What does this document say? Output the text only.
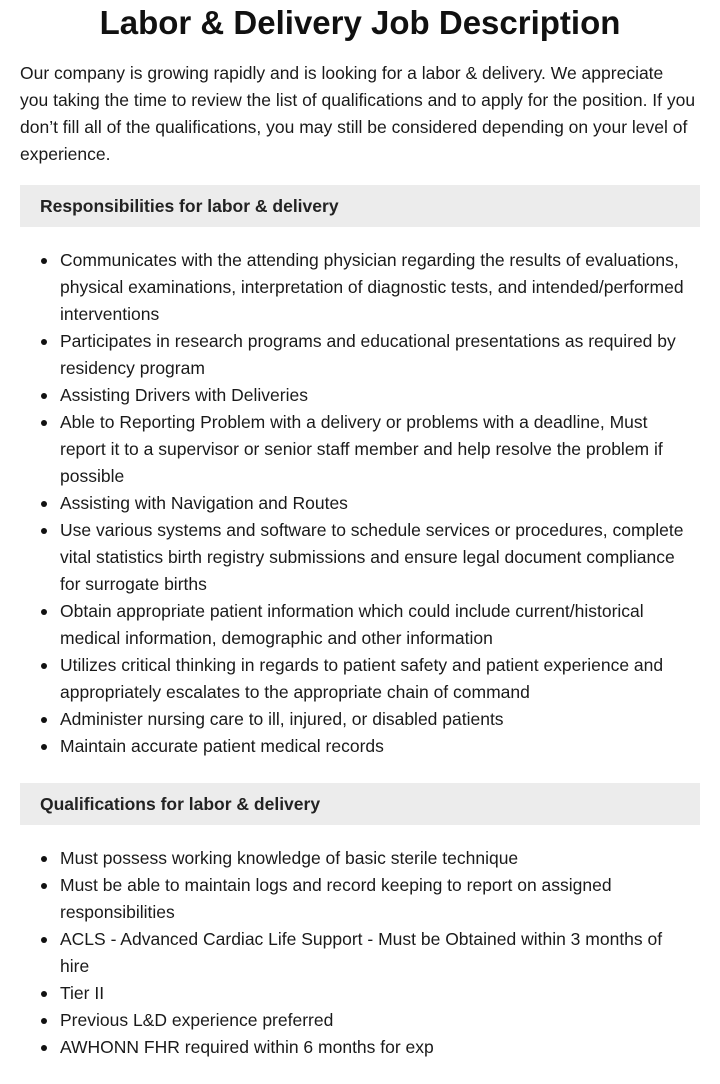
Labor & Delivery Job Description

Our company is growing rapidly and is looking for a labor & delivery. We appreciate you taking the time to review the list of qualifications and to apply for the position. If you don’t fill all of the qualifications, you may still be considered depending on your level of experience.

Responsibilities for labor & delivery
Communicates with the attending physician regarding the results of evaluations, physical examinations, interpretation of diagnostic tests, and intended/performed interventions
Participates in research programs and educational presentations as required by residency program
Assisting Drivers with Deliveries
Able to Reporting Problem with a delivery or problems with a deadline, Must report it to a supervisor or senior staff member and help resolve the problem if possible
Assisting with Navigation and Routes
Use various systems and software to schedule services or procedures, complete vital statistics birth registry submissions and ensure legal document compliance for surrogate births
Obtain appropriate patient information which could include current/historical medical information, demographic and other information
Utilizes critical thinking in regards to patient safety and patient experience and appropriately escalates to the appropriate chain of command
Administer nursing care to ill, injured, or disabled patients
Maintain accurate patient medical records
Qualifications for labor & delivery
Must possess working knowledge of basic sterile technique
Must be able to maintain logs and record keeping to report on assigned responsibilities
ACLS - Advanced Cardiac Life Support - Must be Obtained within 3 months of hire
Tier II
Previous L&D experience preferred
AWHONN FHR required within 6 months for exp
